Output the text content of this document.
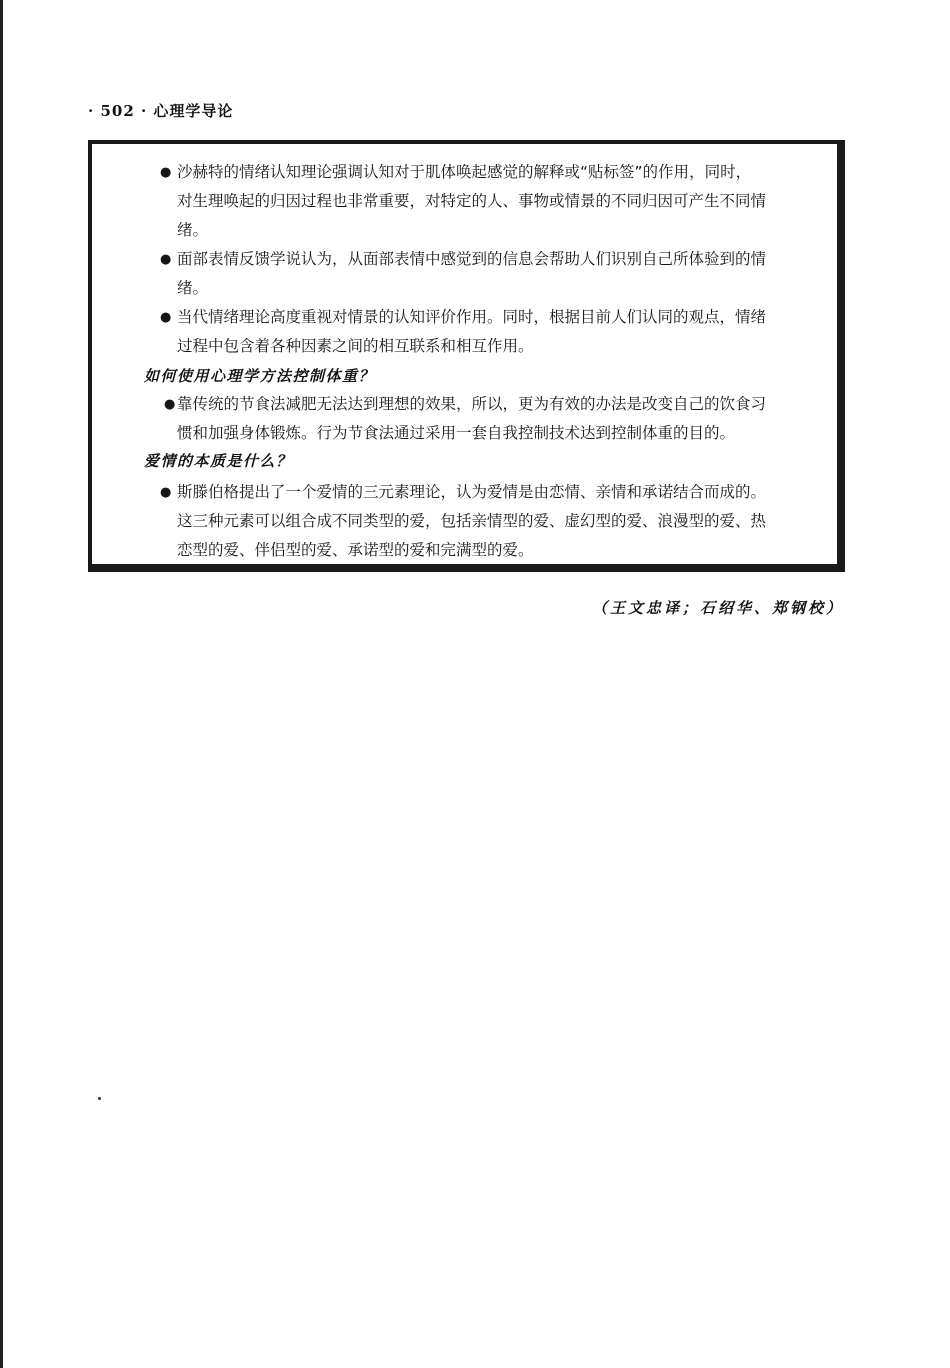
· 502 · 心理学导论
● 沙赫特的情绪认知理论强调认知对于肌体唤起感觉的解释或“贴标签”的作用，同时，
对生理唤起的归因过程也非常重要，对特定的人、事物或情景的不同归因可产生不同情
绪。
● 面部表情反馈学说认为，从面部表情中感觉到的信息会帮助人们识别自己所体验到的情
绪。
● 当代情绪理论高度重视对情景的认知评价作用。同时，根据目前人们认同的观点，情绪
过程中包含着各种因素之间的相互联系和相互作用。
如何使用心理学方法控制体重？
● 靠传统的节食法减肥无法达到理想的效果，所以，更为有效的办法是改变自己的饮食习
惯和加强身体锻炼。行为节食法通过采用一套自我控制技术达到控制体重的目的。
爱情的本质是什么？
● 斯滕伯格提出了一个爱情的三元素理论，认为爱情是由恋情、亲情和承诺结合而成的。
这三种元素可以组合成不同类型的爱，包括亲情型的爱、虚幻型的爱、浪漫型的爱、热
恋型的爱、伴侣型的爱、承诺型的爱和完满型的爱。
（王文忠译；石绍华、郑钢校）
